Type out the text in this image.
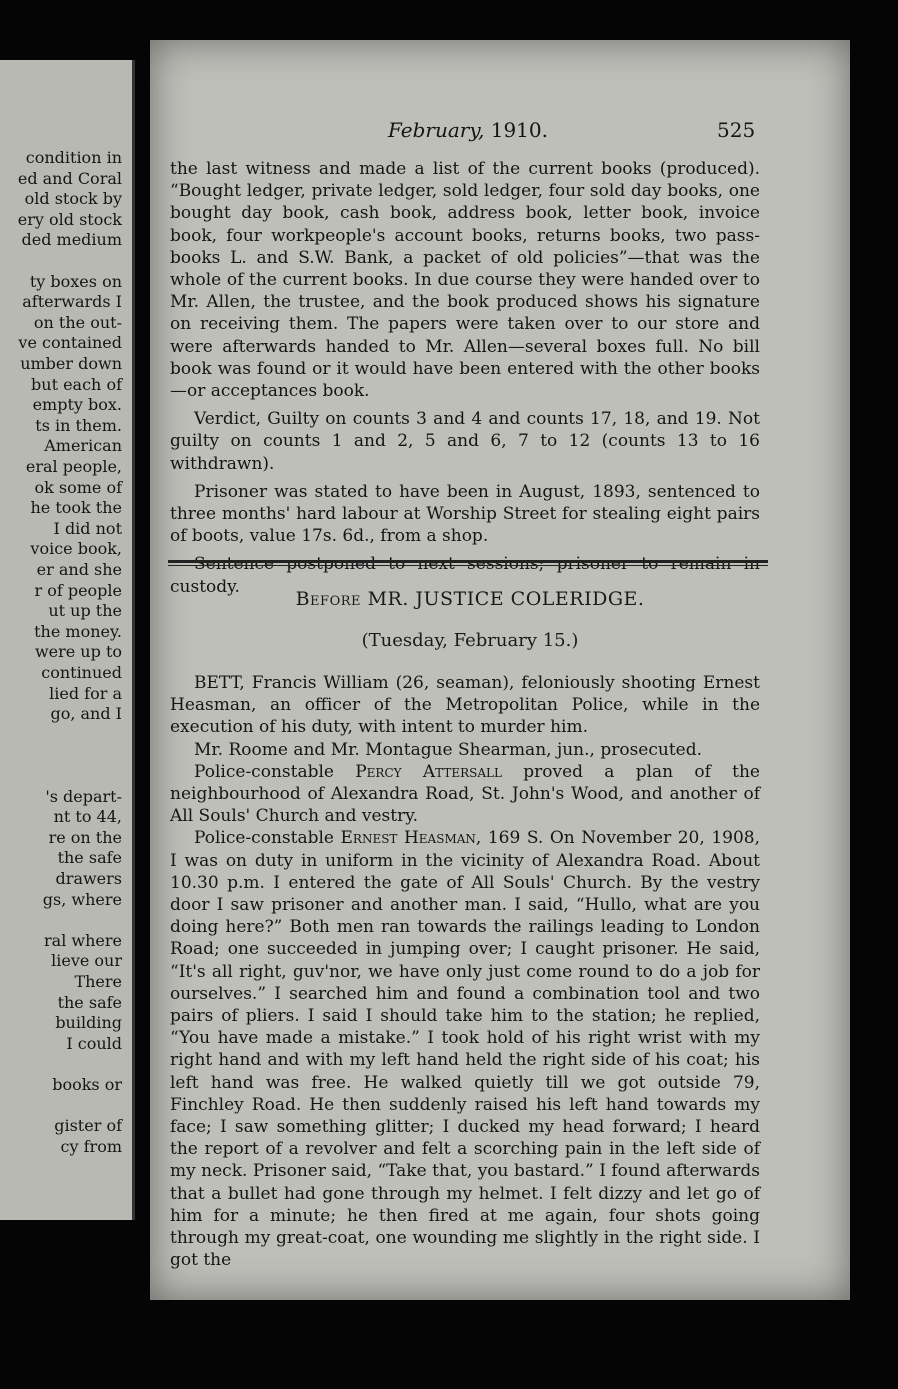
condition in
ed and Coral
old stock by
ery old stock
ded medium
ty boxes on
afterwards I
on the out-
ve contained
umber down
but each of
empty box.
ts in them.
American
eral people,
ok some of
he took the
I did not
voice book,
er and she
r of people
ut up the
the money.
were up to
continued
lied for a
go, and I
's depart-
nt to 44,
re on the
the safe
drawers
gs, where
ral where
lieve our
There
the safe
building
I could
books or
gister of
cy from
February, 1910.	525

the last witness and made a list of the current books (produced). “Bought ledger, private ledger, sold ledger, four sold day books, one bought day book, cash book, address book, letter book, invoice book, four workpeople's account books, returns books, two pass-books L. and S.W. Bank, a packet of old policies”—that was the whole of the current books. In due course they were handed over to Mr. Allen, the trustee, and the book produced shows his signature on receiving them. The papers were taken over to our store and were afterwards handed to Mr. Allen—several boxes full. No bill book was found or it would have been entered with the other books—or acceptances book.

Verdict, Guilty on counts 3 and 4 and counts 17, 18, and 19. Not guilty on counts 1 and 2, 5 and 6, 7 to 12 (counts 13 to 16 withdrawn).

Prisoner was stated to have been in August, 1893, sentenced to three months' hard labour at Worship Street for stealing eight pairs of boots, value 17s. 6d., from a shop.

Sentence postponed to next sessions; prisoner to remain in custody.

Before MR. JUSTICE COLERIDGE.
(Tuesday, February 15.)

BETT, Francis William (26, seaman), feloniously shooting Ernest Heasman, an officer of the Metropolitan Police, while in the execution of his duty, with intent to murder him.

Mr. Roome and Mr. Montague Shearman, jun., prosecuted.

Police-constable Percy Attersall proved a plan of the neighbourhood of Alexandra Road, St. John's Wood, and another of All Souls' Church and vestry.

Police-constable Ernest Heasman, 169 S. On November 20, 1908, I was on duty in uniform in the vicinity of Alexandra Road. About 10.30 p.m. I entered the gate of All Souls' Church. By the vestry door I saw prisoner and another man. I said, “Hullo, what are you doing here?” Both men ran towards the railings leading to London Road; one succeeded in jumping over; I caught prisoner. He said, “It's all right, guv'nor, we have only just come round to do a job for ourselves.” I searched him and found a combination tool and two pairs of pliers. I said I should take him to the station; he replied, “You have made a mistake.” I took hold of his right wrist with my right hand and with my left hand held the right side of his coat; his left hand was free. He walked quietly till we got outside 79, Finchley Road. He then suddenly raised his left hand towards my face; I saw something glitter; I ducked my head forward; I heard the report of a revolver and felt a scorching pain in the left side of my neck. Prisoner said, “Take that, you bastard.” I found afterwards that a bullet had gone through my helmet. I felt dizzy and let go of him for a minute; he then fired at me again, four shots going through my great-coat, one wounding me slightly in the right side. I got the
